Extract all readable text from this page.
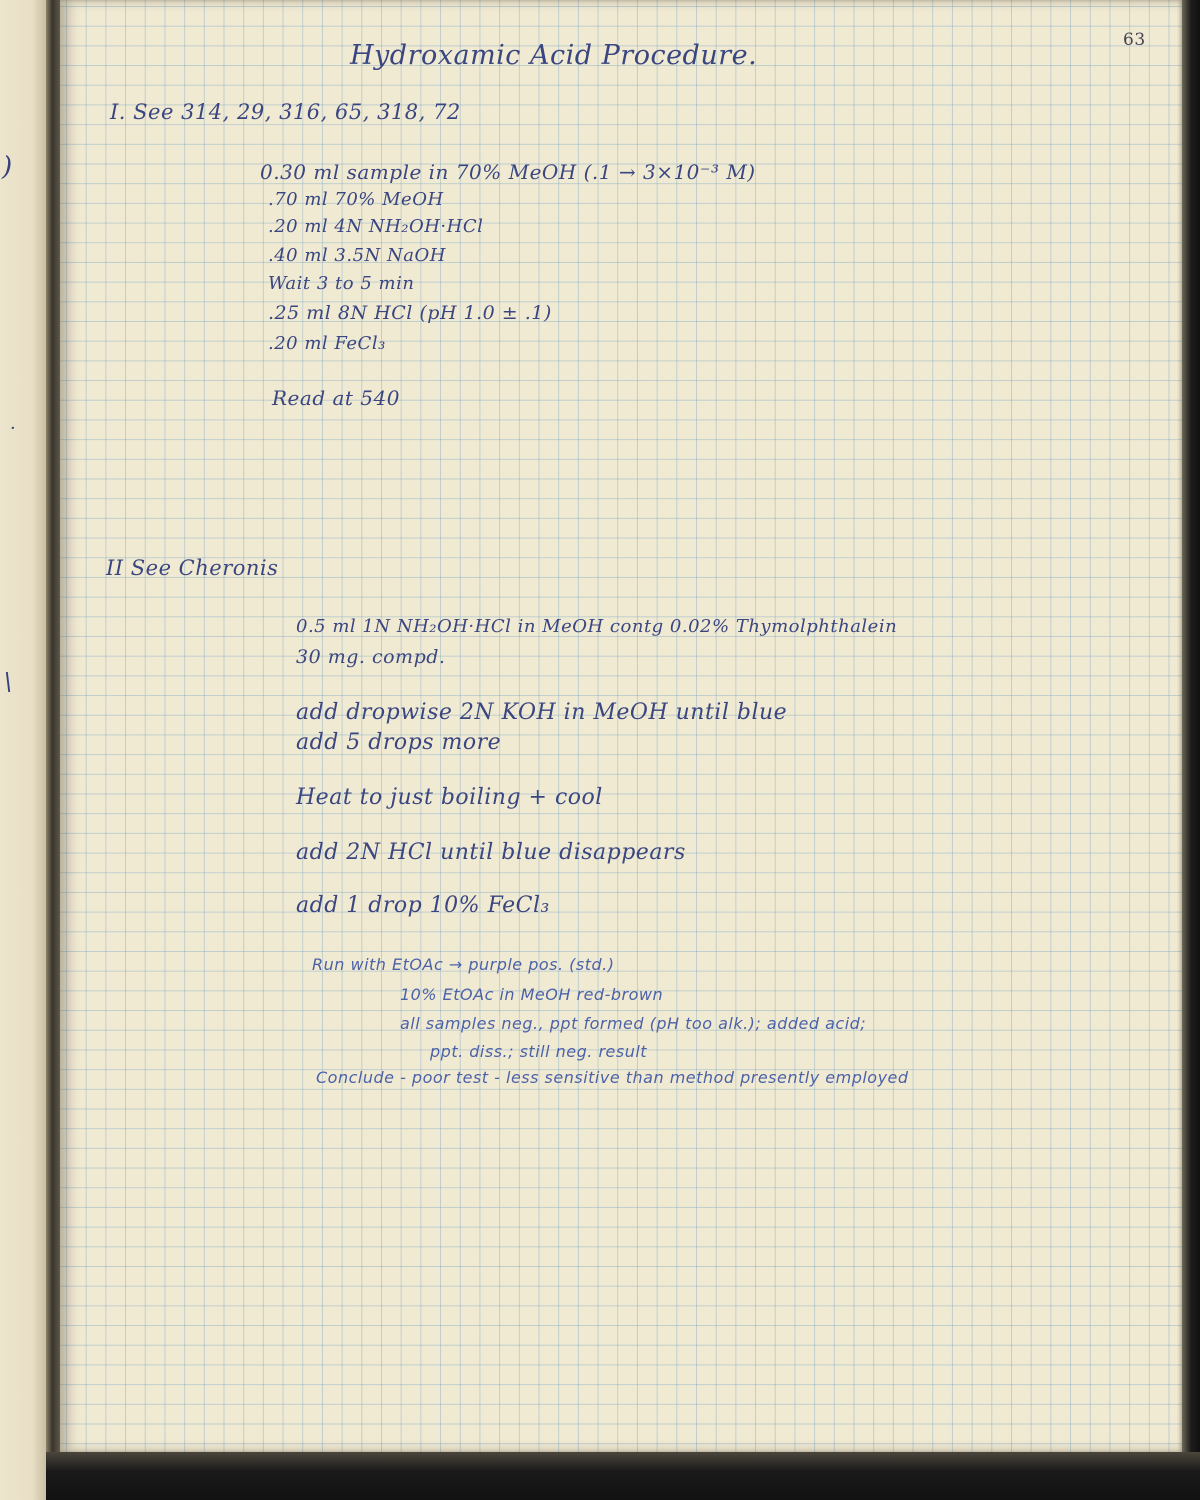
)
·
\

63

Hydroxamic Acid Procedure.

I. See 314, 29, 316, 65, 318, 72

0.30 ml sample in 70% MeOH (.1 → 3×10⁻³ M)

.70 ml 70% MeOH

.20 ml 4N NH₂OH·HCl

.40 ml 3.5N NaOH

Wait 3 to 5 min

.25 ml 8N HCl (pH 1.0 ± .1)

.20 ml FeCl₃

Read at 540

II See Cheronis

0.5 ml 1N NH₂OH·HCl in MeOH contg 0.02% Thymolphthalein

30 mg. compd.

add dropwise 2N KOH in MeOH until blue

add 5 drops more

Heat to just boiling + cool

add 2N HCl until blue disappears

add 1 drop 10% FeCl₃

Run with EtOAc → purple pos. (std.)

10% EtOAc in MeOH red-brown

all samples neg., ppt formed (pH too alk.); added acid;

ppt. diss.; still neg. result

Conclude - poor test - less sensitive than method presently employed
